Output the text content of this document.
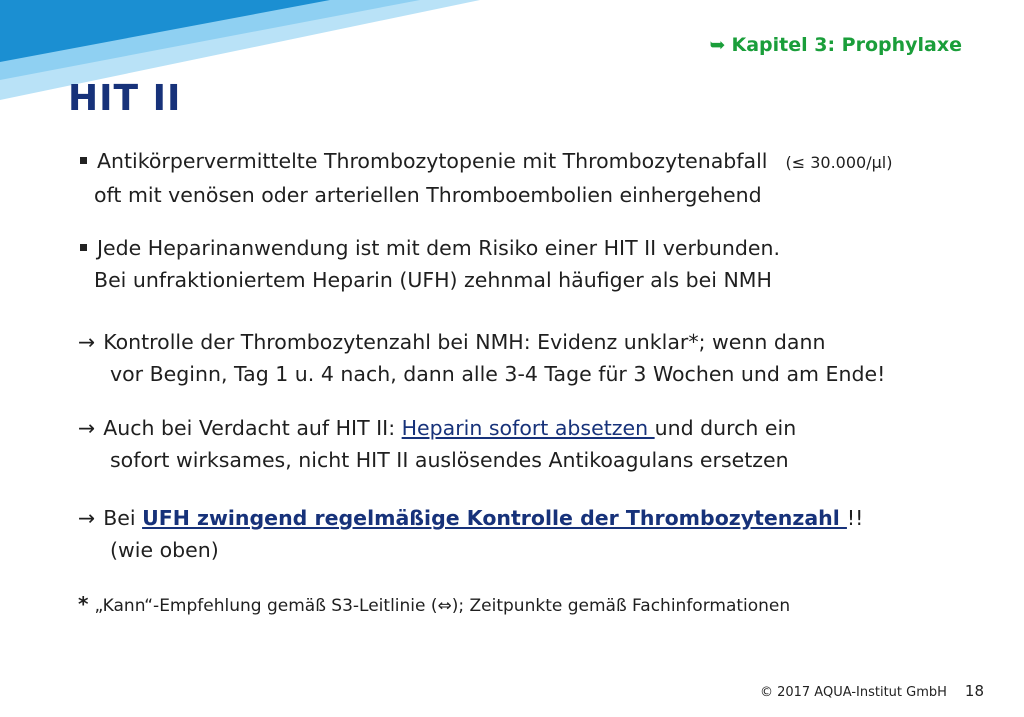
➥ Kapitel 3: Prophylaxe
HIT II
Antikörpervermittelte Thrombozytopenie mit Thrombozytenabfall (≤ 30.000/µl)
oft mit venösen oder arteriellen Thromboembolien einhergehend
Jede Heparinanwendung ist mit dem Risiko einer HIT II verbunden.
Bei unfraktioniertem Heparin (UFH) zehnmal häufiger als bei NMH
→ Kontrolle der Thrombozytenzahl bei NMH: Evidenz unklar*; wenn dann
vor Beginn, Tag 1 u. 4 nach, dann alle 3-4 Tage für 3 Wochen und am Ende!
→ Auch bei Verdacht auf HIT II: Heparin sofort absetzen und durch ein
sofort wirksames, nicht HIT II auslösendes Antikoagulans ersetzen
→ Bei UFH zwingend regelmäßige Kontrolle der Thrombozytenzahl !!
(wie oben)
* „Kann“-Empfehlung gemäß S3-Leitlinie (⇔); Zeitpunkte gemäß Fachinformationen
© 2017 AQUA-Institut GmbH 18
